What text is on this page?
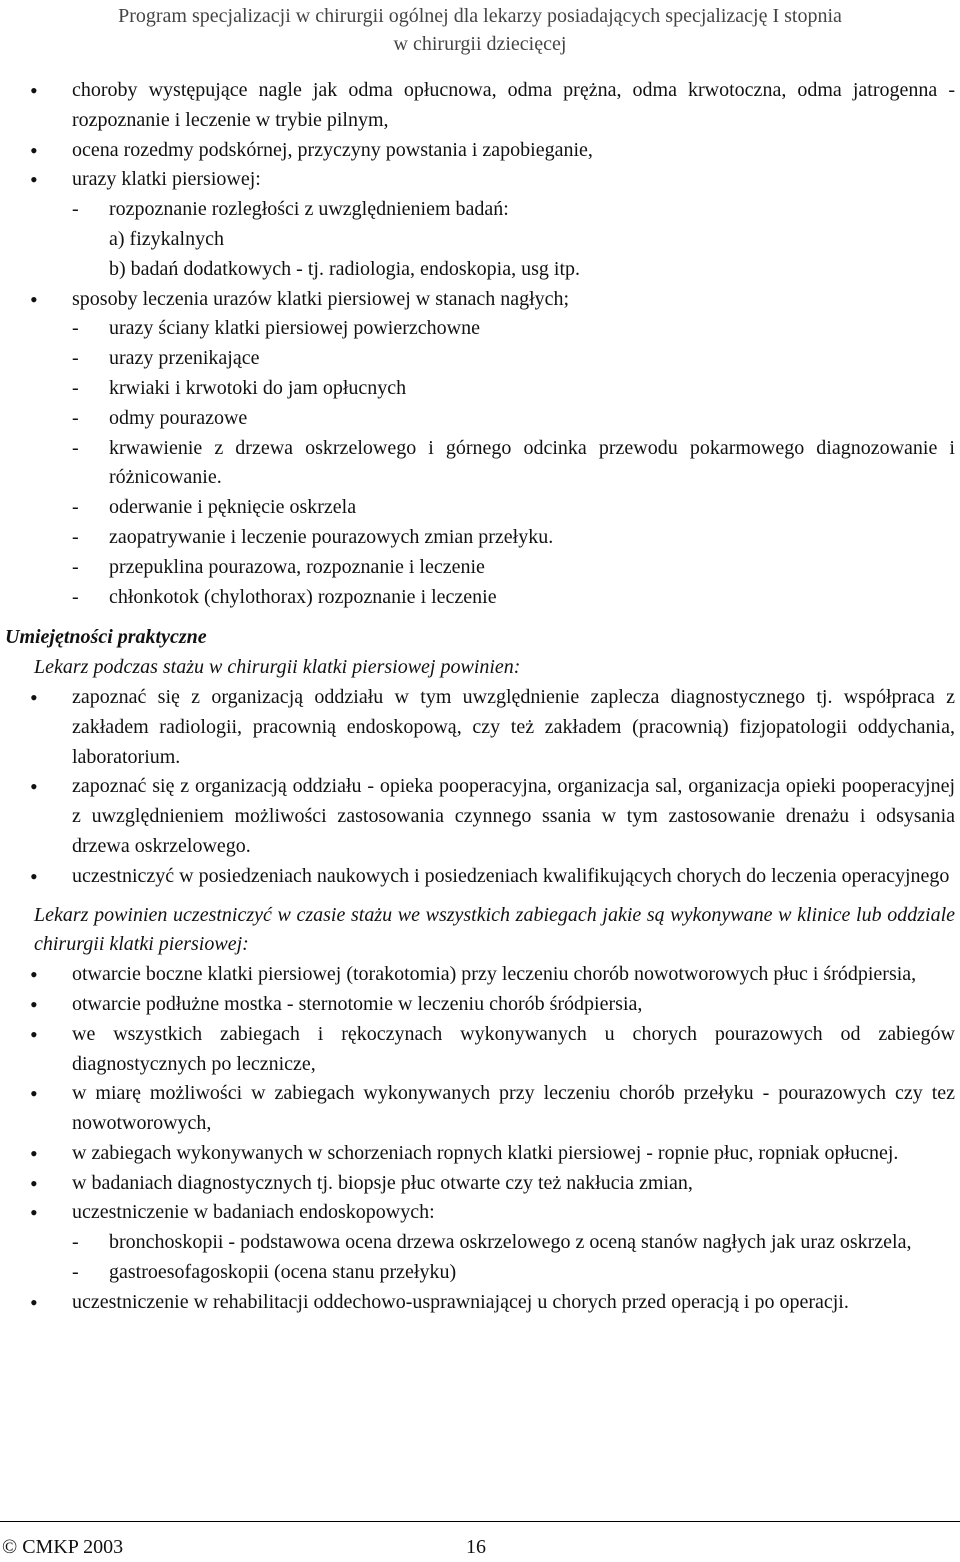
Program specjalizacji w chirurgii ogólnej dla lekarzy posiadających specjalizację I stopnia
w chirurgii dziecięcej
• choroby występujące nagle jak odma opłucnowa, odma prężna, odma krwotoczna, odma jatrogenna - rozpoznanie i leczenie w trybie pilnym,
• ocena rozedmy podskórnej, przyczyny powstania i zapobieganie,
• urazy klatki piersiowej:
- rozpoznanie rozległości z uwzględnieniem badań:
a) fizykalnych
b) badań dodatkowych - tj. radiologia, endoskopia, usg itp.
• sposoby leczenia urazów klatki piersiowej w stanach nagłych;
- urazy ściany klatki piersiowej powierzchowne
- urazy przenikające
- krwiaki i krwotoki do jam opłucnych
- odmy pourazowe
- krwawienie z drzewa oskrzelowego i górnego odcinka przewodu pokarmowego diagnozowanie i różnicowanie.
- oderwanie i pęknięcie oskrzela
- zaopatrywanie i leczenie pourazowych zmian przełyku.
- przepuklina pourazowa, rozpoznanie i leczenie
- chłonkotok (chylothorax) rozpoznanie i leczenie
Umiejętności praktyczne
Lekarz podczas stażu w chirurgii klatki piersiowej powinien:
• zapoznać się z organizacją oddziału w tym uwzględnienie zaplecza diagnostycznego tj. współpraca z zakładem radiologii, pracownią endoskopową, czy też zakładem (pracownią) fizjopatologii oddychania, laboratorium.
• zapoznać się z organizacją oddziału - opieka pooperacyjna, organizacja sal, organizacja opieki pooperacyjnej z uwzględnieniem możliwości zastosowania czynnego ssania w tym zastosowanie drenażu i odsysania drzewa oskrzelowego.
• uczestniczyć w posiedzeniach naukowych i posiedzeniach kwalifikujących chorych do leczenia operacyjnego
Lekarz powinien uczestniczyć w czasie stażu we wszystkich zabiegach jakie są wykonywane w klinice lub oddziale chirurgii klatki piersiowej:
• otwarcie boczne klatki piersiowej (torakotomia) przy leczeniu chorób nowotworowych płuc i śródpiersia,
• otwarcie podłużne mostka - sternotomie w leczeniu chorób śródpiersia,
• we wszystkich zabiegach i rękoczynach wykonywanych u chorych pourazowych od zabiegów diagnostycznych po lecznicze,
• w miarę możliwości w zabiegach wykonywanych przy leczeniu chorób przełyku - pourazowych czy tez nowotworowych,
• w zabiegach wykonywanych w schorzeniach ropnych klatki piersiowej - ropnie płuc, ropniak opłucnej.
• w badaniach diagnostycznych tj. biopsje płuc otwarte czy też nakłucia zmian,
• uczestniczenie w badaniach endoskopowych:
- bronchoskopii - podstawowa ocena drzewa oskrzelowego z oceną stanów nagłych jak uraz oskrzela,
- gastroesofagoskopii (ocena stanu przełyku)
• uczestniczenie w rehabilitacji oddechowo-usprawniającej u chorych przed operacją i po operacji.
© CMKP 2003	16
